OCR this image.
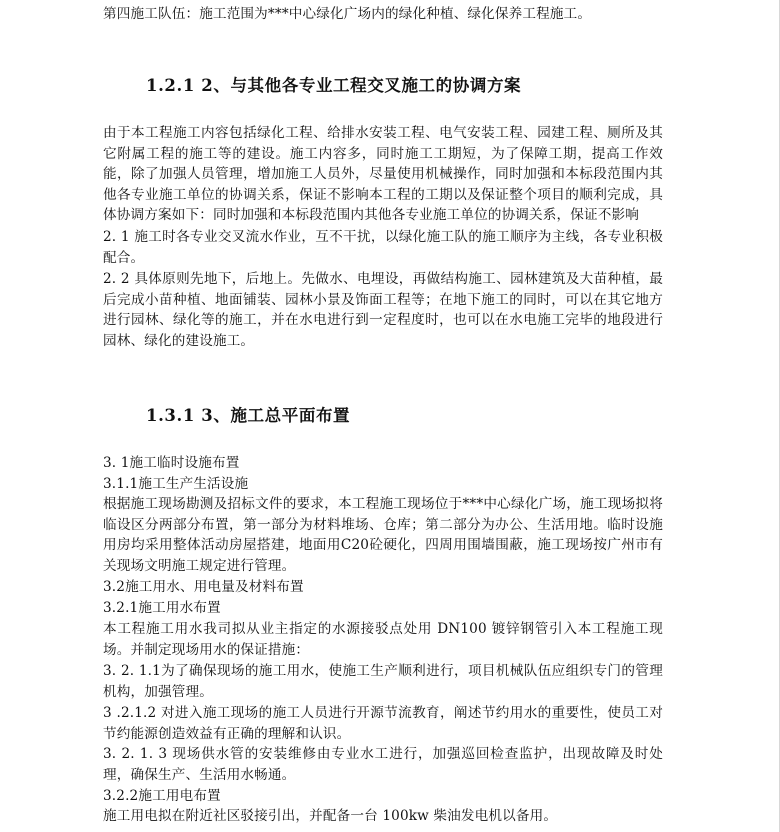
第四施工队伍：施工范围为***中心绿化广场内的绿化种植、绿化保养工程施工。
1.2.1 2、与其他各专业工程交叉施工的协调方案
由于本工程施工内容包括绿化工程、给排水安装工程、电气安装工程、园建工程、厕所及其它附属工程的施工等的建设。施工内容多，同时施工工期短，为了保障工期，提高工作效能，除了加强人员管理，增加施工人员外，尽量使用机械操作，同时加强和本标段范围内其他各专业施工单位的协调关系，保证不影响本工程的工期以及保证整个项目的顺利完成，具体协调方案如下：同时加强和本标段范围内其他各专业施工单位的协调关系，保证不影响
2. 1 施工时各专业交叉流水作业，互不干扰，以绿化施工队的施工顺序为主线，各专业积极配合。
2. 2 具体原则先地下，后地上。先做水、电埋设，再做结构施工、园林建筑及大苗种植，最后完成小苗种植、地面铺装、园林小景及饰面工程等；在地下施工的同时，可以在其它地方进行园林、绿化等的施工，并在水电进行到一定程度时，也可以在水电施工完毕的地段进行园林、绿化的建设施工。
1.3.1 3、施工总平面布置
3. 1施工临时设施布置
3.1.1施工生产生活设施
根据施工现场勘测及招标文件的要求，本工程施工现场位于***中心绿化广场，施工现场拟将临设区分两部分布置，第一部分为材料堆场、仓库；第二部分为办公、生活用地。临时设施用房均采用整体活动房屋搭建，地面用C20砼硬化，四周用围墙围蔽，施工现场按广州市有关现场文明施工规定进行管理。
3.2施工用水、用电量及材料布置
3.2.1施工用水布置
本工程施工用水我司拟从业主指定的水源接驳点处用 DN100 镀锌钢管引入本工程施工现场。并制定现场用水的保证措施：
3. 2. 1.1为了确保现场的施工用水，使施工生产顺利进行，项目机械队伍应组织专门的管理机构，加强管理。
3 .2.1.2 对进入施工现场的施工人员进行开源节流教育，阐述节约用水的重要性，使员工对节约能源创造效益有正确的理解和认识。
3. 2. 1. 3 现场供水管的安装维修由专业水工进行，加强巡回检查监护，出现故障及时处理，确保生产、生活用水畅通。
3.2.2施工用电布置
施工用电拟在附近社区驳接引出，并配备一台 100kw 柴油发电机以备用。
